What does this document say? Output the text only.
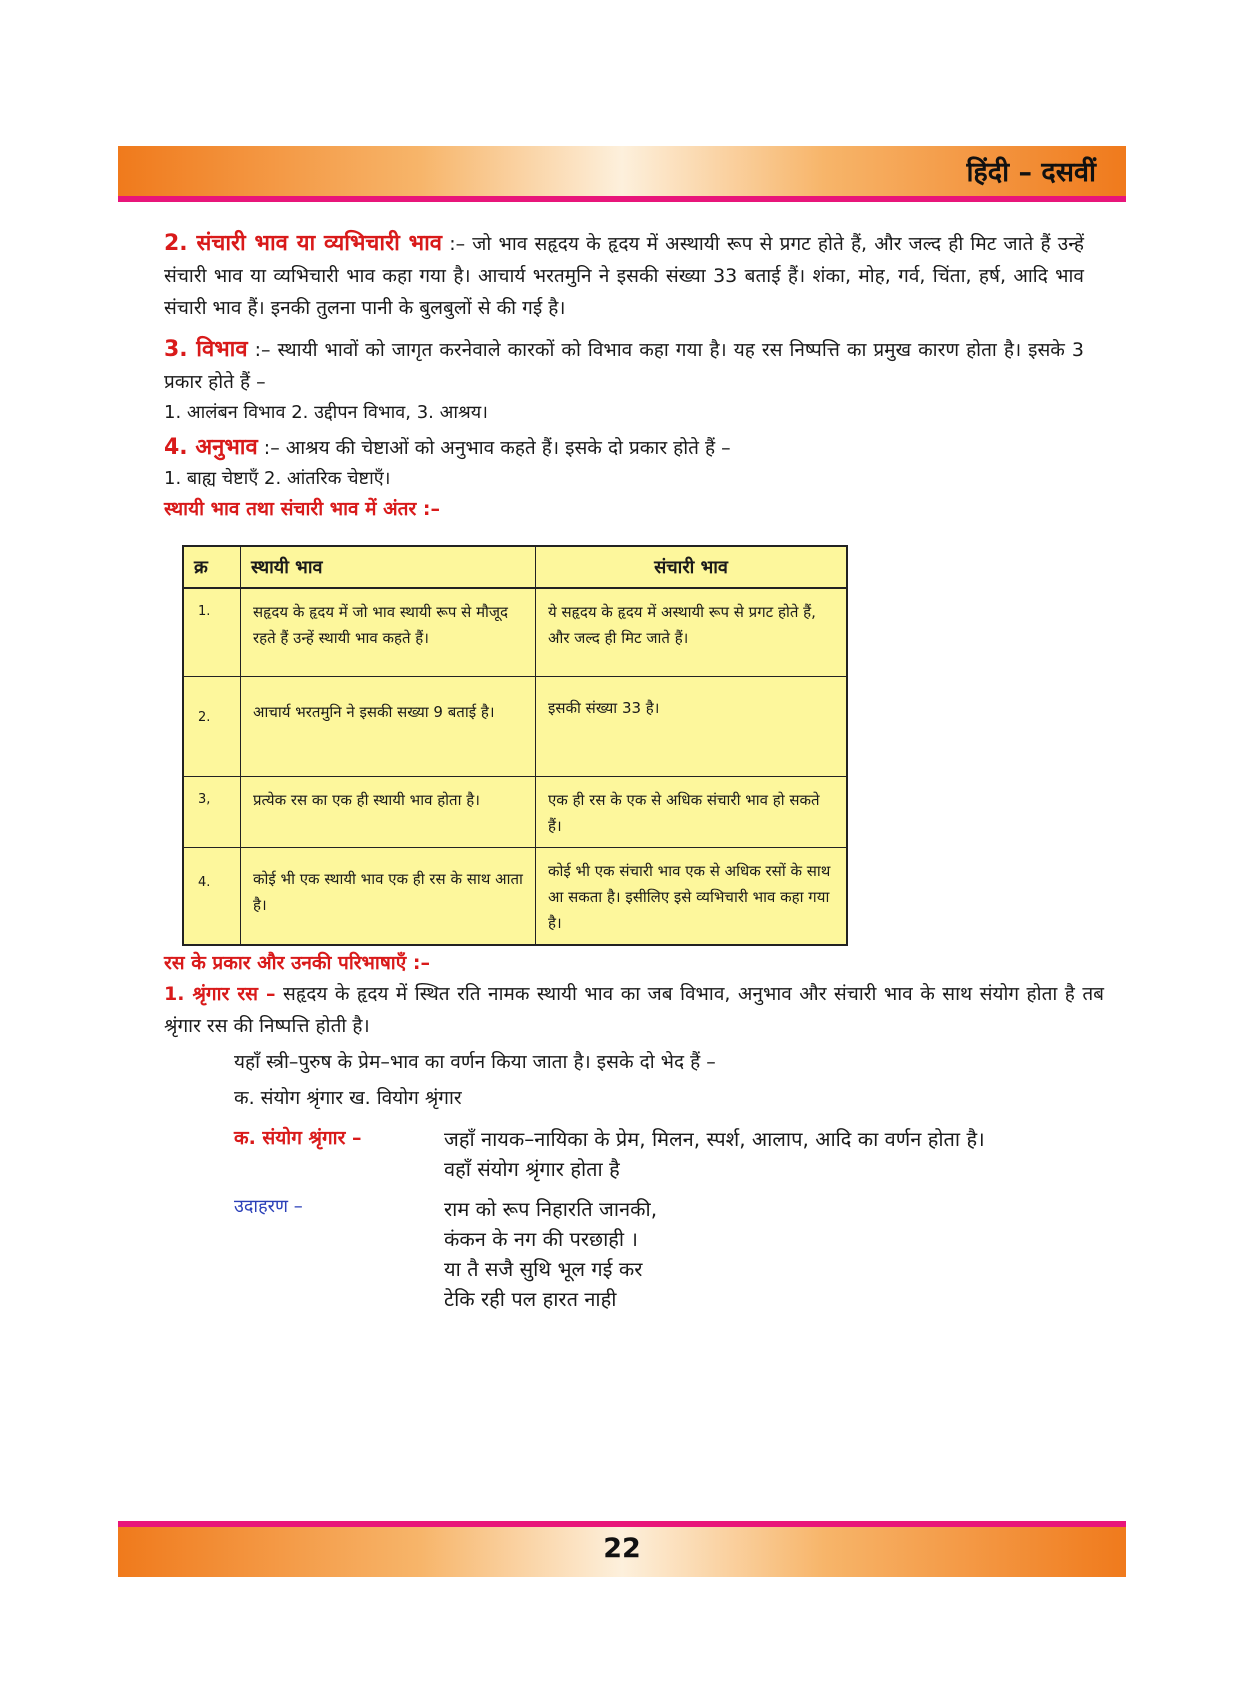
हिंदी – दसवीं

2. संचारी भाव या व्यभिचारी भाव :– जो भाव सहृदय के हृदय में अस्थायी रूप से प्रगट होते हैं, और जल्द ही मिट जाते हैं उन्हें संचारी भाव या व्यभिचारी भाव कहा गया है। आचार्य भरतमुनि ने इसकी संख्या 33 बताई हैं। शंका, मोह, गर्व, चिंता, हर्ष, आदि भाव संचारी भाव हैं। इनकी तुलना पानी के बुलबुलों से की गई है।

3. विभाव :– स्थायी भावों को जागृत करनेवाले कारकों को विभाव कहा गया है। यह रस निष्पत्ति का प्रमुख कारण होता है। इसके 3 प्रकार होते हैं –

1. आलंबन विभाव 2. उद्दीपन विभाव, 3. आश्रय।

4. अनुभाव :– आश्रय की चेष्टाओं को अनुभाव कहते हैं। इसके दो प्रकार होते हैं –

1. बाह्य चेष्टाएँ 2. आंतरिक चेष्टाएँ।

स्थायी भाव तथा संचारी भाव में अंतर :–

क्र	स्थायी भाव	संचारी भाव
1.	सहृदय के हृदय में जो भाव स्थायी रूप से मौजूद रहते हैं उन्हें स्थायी भाव कहते हैं।	ये सहृदय के हृदय में अस्थायी रूप से प्रगट होते हैं, और जल्द ही मिट जाते हैं।
2.	आचार्य भरतमुनि ने इसकी सख्या 9 बताई है।	इसकी संख्या 33 है।
3,	प्रत्येक रस का एक ही स्थायी भाव होता है।	एक ही रस के एक से अधिक संचारी भाव हो सकते हैं।
4.	कोई भी एक स्थायी भाव एक ही रस के साथ आता है।	कोई भी एक संचारी भाव एक से अधिक रसों के साथ आ सकता है। इसीलिए इसे व्यभिचारी भाव कहा गया है।

रस के प्रकार और उनकी परिभाषाएँ :–

1. श्रृंगार रस – सहृदय के हृदय में स्थित रति नामक स्थायी भाव का जब विभाव, अनुभाव और संचारी भाव के साथ संयोग होता है तब श्रृंगार रस की निष्पत्ति होती है।

यहाँ स्त्री–पुरुष के प्रेम–भाव का वर्णन किया जाता है। इसके दो भेद हैं –

क. संयोग श्रृंगार ख. वियोग श्रृंगार

क. संयोग श्रृंगार –	जहाँ नायक–नायिका के प्रेम, मिलन, स्पर्श, आलाप, आदि का वर्णन होता है।

वहाँ संयोग श्रृंगार होता है

उदाहरण –	राम को रूप निहारति जानकी,

कंकन के नग की परछाही ।

या तै सजै सुथि भूल गई कर

टेकि रही पल हारत नाही

22
